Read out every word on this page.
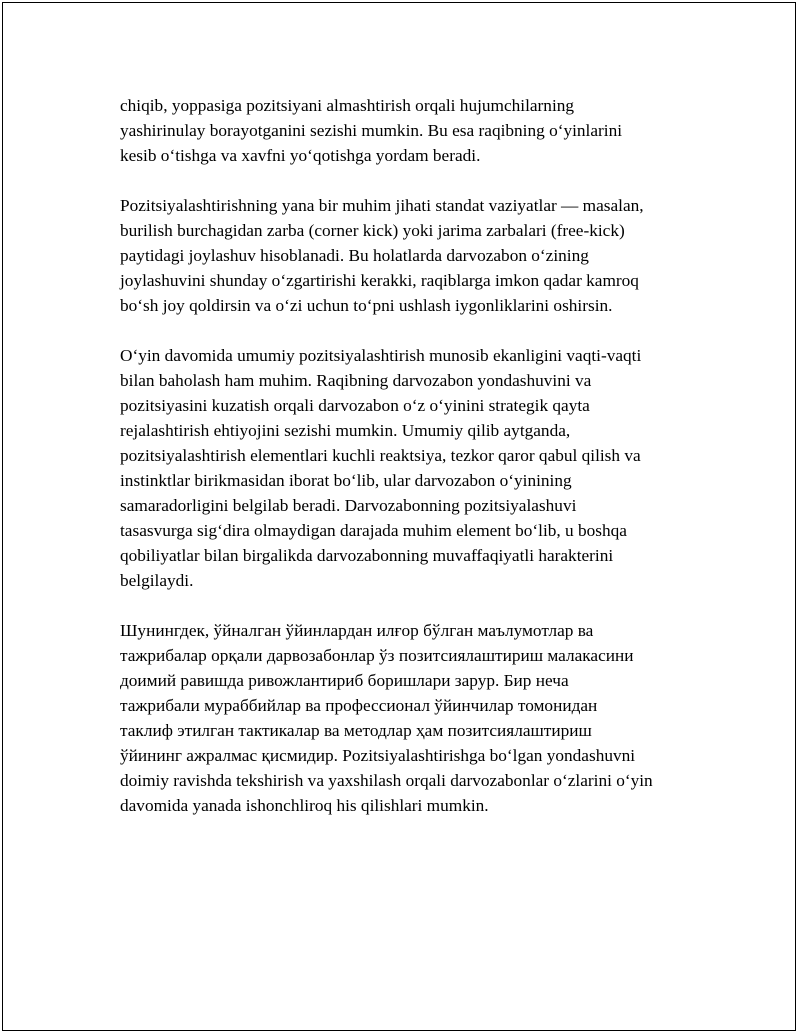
chiqib, yoppasiga pozitsiyani almashtirish orqali hujumchilarning
yashirinulay borayotganini sezishi mumkin. Bu esa raqibning o‘yinlarini
kesib o‘tishga va xavfni yo‘qotishga yordam beradi.

Pozitsiyalashtirishning yana bir muhim jihati standat vaziyatlar — masalan,
burilish burchagidan zarba (corner kick) yoki jarima zarbalari (free-kick)
paytidagi joylashuv hisoblanadi. Bu holatlarda darvozabon o‘zining
joylashuvini shunday o‘zgartirishi kerakki, raqiblarga imkon qadar kamroq
bo‘sh joy qoldirsin va o‘zi uchun to‘pni ushlash iygonliklarini oshirsin.

O‘yin davomida umumiy pozitsiyalashtirish munosib ekanligini vaqti-vaqti
bilan baholash ham muhim. Raqibning darvozabon yondashuvini va
pozitsiyasini kuzatish orqali darvozabon o‘z o‘yinini strategik qayta
rejalashtirish ehtiyojini sezishi mumkin. Umumiy qilib aytganda,
pozitsiyalashtirish elementlari kuchli reaktsiya, tezkor qaror qabul qilish va
instinktlar birikmasidan iborat bo‘lib, ular darvozabon o‘yinining
samaradorligini belgilab beradi. Darvozabonning pozitsiyalashuvi
tasasvurga sig‘dira olmaydigan darajada muhim element bo‘lib, u boshqa
qobiliyatlar bilan birgalikda darvozabonning muvaffaqiyatli harakterini
belgilaydi.

Шунингдек, ўйналган ўйинлардан илғор бўлган маълумотлар ва
тажрибалар орқали дарвозабонлар ўз позитсиялаштириш малакасини
доимий равишда ривожлантириб боришлари зарур. Бир неча
тажрибали мураббийлар ва профессионал ўйинчилар томонидан
таклиф этилган тактикалар ва методлар ҳам позитсиялаштириш
ўйининг ажралмас қисмидир. Pozitsiyalashtirishga bo‘lgan yondashuvni
doimiy ravishda tekshirish va yaxshilash orqali darvozabonlar o‘zlarini o‘yin
davomida yanada ishonchliroq his qilishlari mumkin.
